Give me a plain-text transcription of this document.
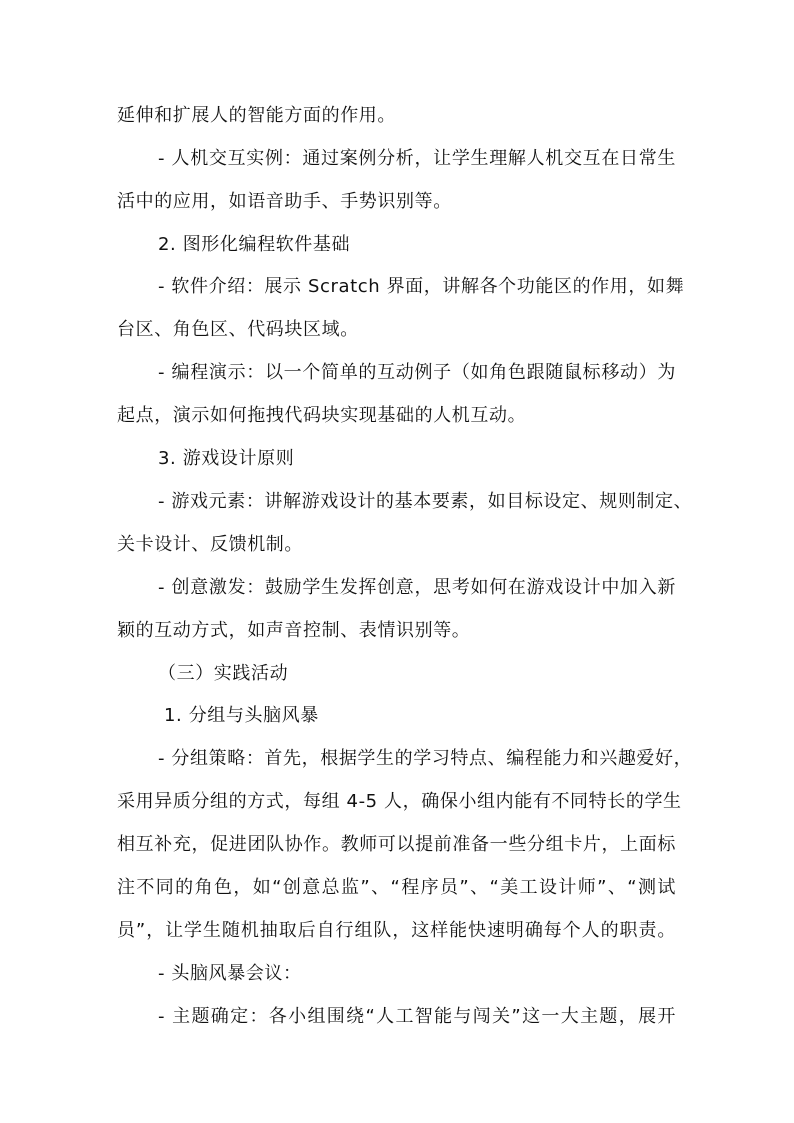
延伸和扩展人的智能方面的作用。
- 人机交互实例：通过案例分析，让学生理解人机交互在日常生
活中的应用，如语音助手、手势识别等。
2. 图形化编程软件基础
- 软件介绍：展示 Scratch 界面，讲解各个功能区的作用，如舞
台区、角色区、代码块区域。
- 编程演示：以一个简单的互动例子（如角色跟随鼠标移动）为
起点，演示如何拖拽代码块实现基础的人机互动。
3. 游戏设计原则
- 游戏元素：讲解游戏设计的基本要素，如目标设定、规则制定、
关卡设计、反馈机制。
- 创意激发：鼓励学生发挥创意，思考如何在游戏设计中加入新
颖的互动方式，如声音控制、表情识别等。
（三）实践活动
1. 分组与头脑风暴
- 分组策略：首先，根据学生的学习特点、编程能力和兴趣爱好，
采用异质分组的方式，每组 4-5 人，确保小组内能有不同特长的学生
相互补充，促进团队协作。教师可以提前准备一些分组卡片，上面标
注不同的角色，如“创意总监”、“程序员”、“美工设计师”、“测试
员”，让学生随机抽取后自行组队，这样能快速明确每个人的职责。
- 头脑风暴会议：
- 主题确定：各小组围绕“人工智能与闯关”这一大主题，展开
